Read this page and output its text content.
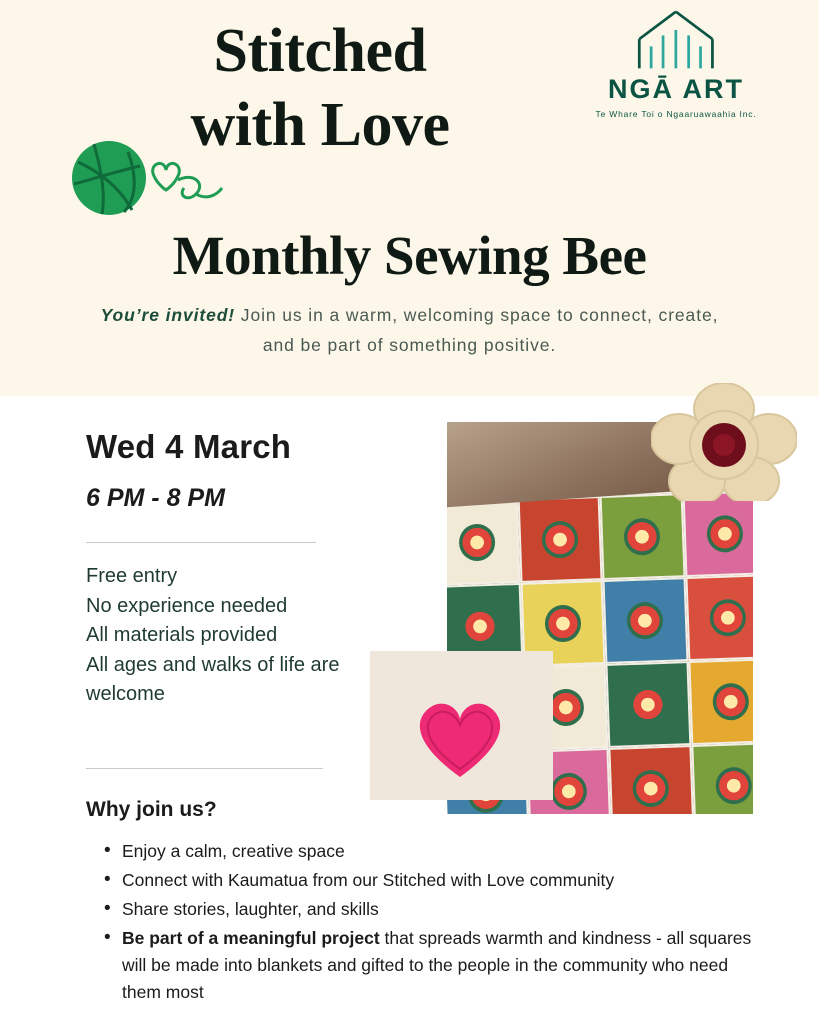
Stitched
with Love
NGĀ ART
Te Whare Toi o Ngaaruawaahia Inc.
Monthly Sewing Bee
You’re invited! Join us in a warm, welcoming space to connect, create, and be part of something positive.
Wed 4 March
6 PM - 8 PM
Free entry
No experience needed
All materials provided
All ages and walks of life are welcome
Why join us?
• Enjoy a calm, creative space
• Connect with Kaumatua from our Stitched with Love community
• Share stories, laughter, and skills
• Be part of a meaningful project that spreads warmth and kindness - all squares will be made into blankets and gifted to the people in the community who need them most
